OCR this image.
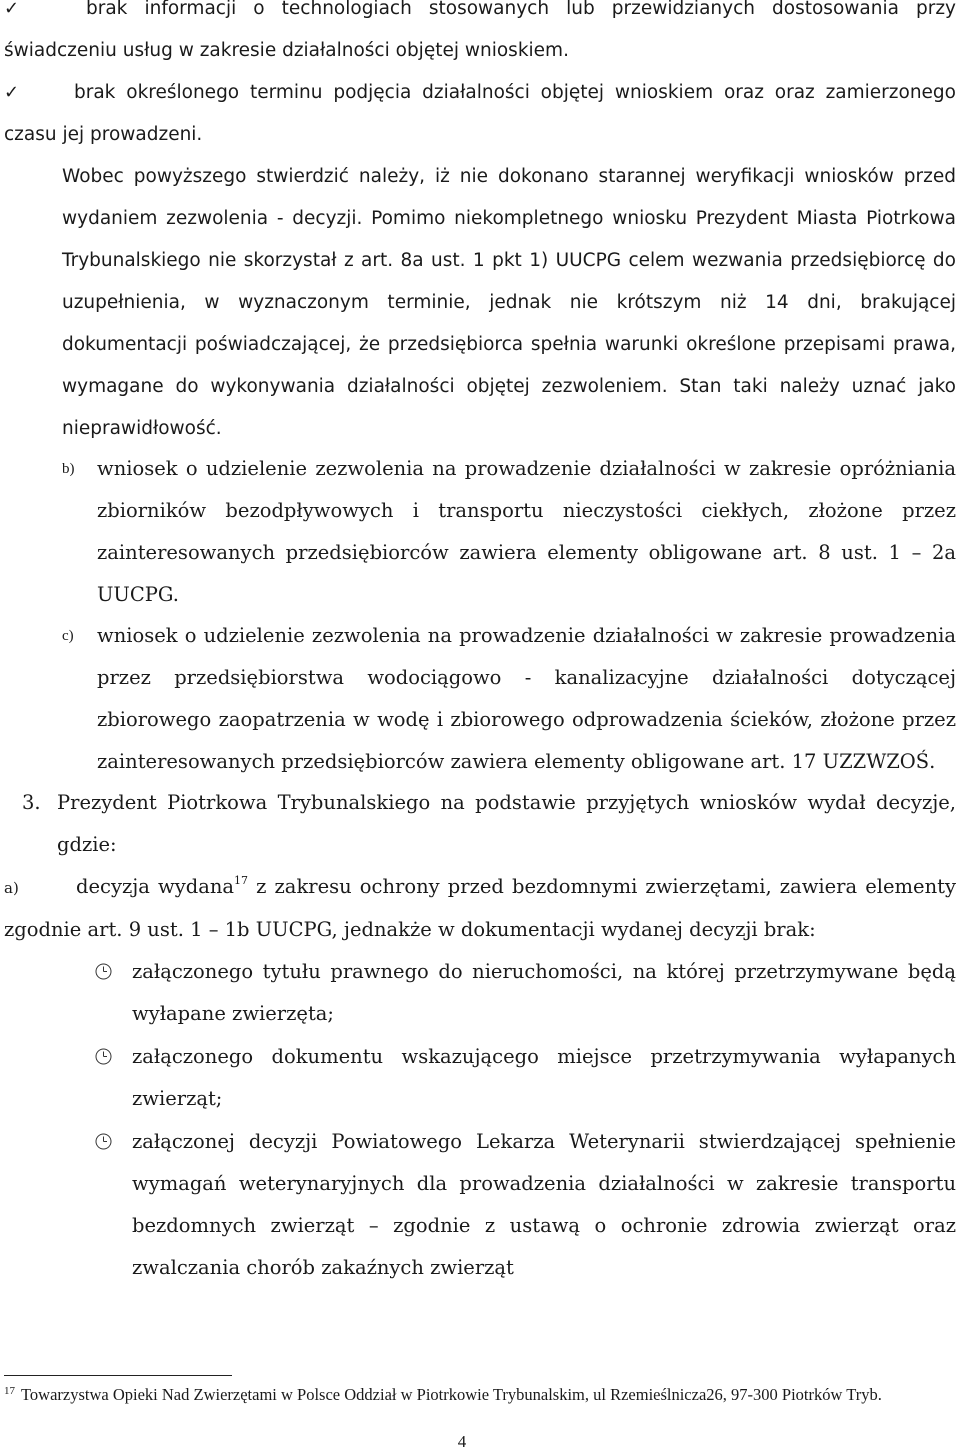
✓	brak informacji o technologiach stosowanych lub przewidzianych dostosowania przy świadczeniu usług w zakresie działalności objętej wnioskiem.

✓	brak określonego terminu podjęcia działalności objętej wnioskiem oraz oraz zamierzonego czasu jej prowadzeni.

Wobec powyższego stwierdzić należy, iż nie dokonano starannej weryfikacji wniosków przed wydaniem zezwolenia - decyzji. Pomimo niekompletnego wniosku Prezydent Miasta Piotrkowa Trybunalskiego nie skorzystał z art. 8a ust. 1 pkt 1) UUCPG celem wezwania przedsiębiorcę do uzupełnienia, w wyznaczonym terminie, jednak nie krótszym niż 14 dni, brakującej dokumentacji poświadczającej, że przedsiębiorca spełnia warunki określone przepisami prawa, wymagane do wykonywania działalności objętej zezwoleniem. Stan taki należy uznać jako nieprawidłowość.

b) wniosek o udzielenie zezwolenia na prowadzenie działalności w zakresie opróżniania zbiorników bezodpływowych i transportu nieczystości ciekłych, złożone przez zainteresowanych przedsiębiorców zawiera elementy obligowane art. 8 ust. 1 – 2a UUCPG.
c) wniosek o udzielenie zezwolenia na prowadzenie działalności w zakresie prowadzenia przez przedsiębiorstwa wodociągowo - kanalizacyjne działalności dotyczącej zbiorowego zaopatrzenia w wodę i zbiorowego odprowadzenia ścieków, złożone przez zainteresowanych przedsiębiorców zawiera elementy obligowane art. 17 UZZWZOŚ.
3. Prezydent Piotrkowa Trybunalskiego na podstawie przyjętych wniosków wydał decyzje, gdzie:

a)	decyzja wydana$^{17}$ z zakresu ochrony przed bezdomnymi zwierzętami, zawiera elementy zgodnie art. 9 ust. 1 – 1b UUCPG, jednakże w dokumentacji wydanej decyzji brak:

załączonego tytułu prawnego do nieruchomości, na której przetrzymywane będą wyłapane zwierzęta;
załączonego dokumentu wskazującego miejsce przetrzymywania wyłapanych zwierząt;
załączonej decyzji Powiatowego Lekarza Weterynarii stwierdzającej spełnienie wymagań weterynaryjnych dla prowadzenia działalności w zakresie transportu bezdomnych zwierząt – zgodnie z ustawą o ochronie zdrowia zwierząt oraz zwalczania chorób zakaźnych zwierząt

$^{17}$ Towarzystwa Opieki Nad Zwierzętami w Polsce Oddział w Piotrkowie Trybunalskim, ul Rzemieślnicza26, 97-300 Piotrków Tryb.

4
